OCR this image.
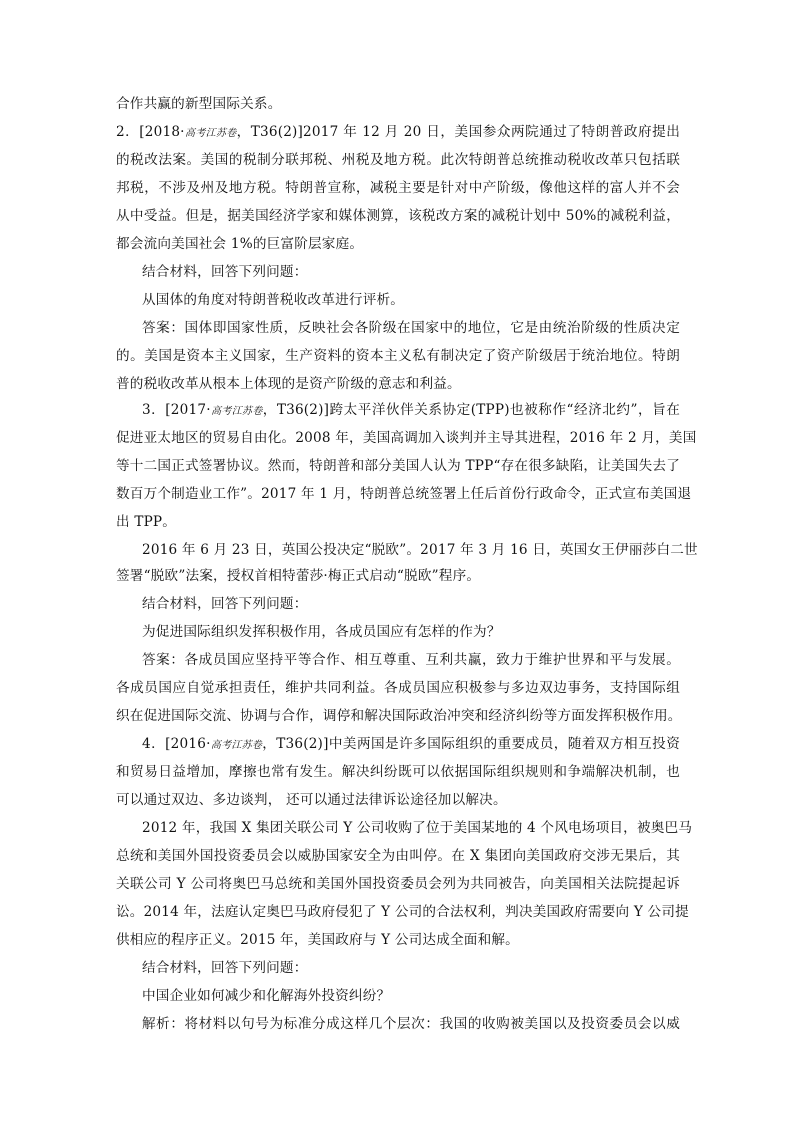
合作共赢的新型国际关系。
2．[2018·高考江苏卷，T36(2)]2017 年 12 月 20 日，美国参众两院通过了特朗普政府提出
的税改法案。美国的税制分联邦税、州税及地方税。此次特朗普总统推动税收改革只包括联
邦税，不涉及州及地方税。特朗普宣称，减税主要是针对中产阶级，像他这样的富人并不会
从中受益。但是，据美国经济学家和媒体测算，该税改方案的减税计划中 50%的减税利益，
都会流向美国社会 1%的巨富阶层家庭。
结合材料，回答下列问题：
从国体的角度对特朗普税收改革进行评析。
答案：国体即国家性质，反映社会各阶级在国家中的地位，它是由统治阶级的性质决定
的。美国是资本主义国家，生产资料的资本主义私有制决定了资产阶级居于统治地位。特朗
普的税收改革从根本上体现的是资产阶级的意志和利益。
3．[2017·高考江苏卷，T36(2)]跨太平洋伙伴关系协定(TPP)也被称作“经济北约”，旨在
促进亚太地区的贸易自由化。2008 年，美国高调加入谈判并主导其进程，2016 年 2 月，美国
等十二国正式签署协议。然而，特朗普和部分美国人认为 TPP“存在很多缺陷，让美国失去了
数百万个制造业工作”。2017 年 1 月，特朗普总统签署上任后首份行政命令，正式宣布美国退
出 TPP。
2016 年 6 月 23 日，英国公投决定“脱欧”。2017 年 3 月 16 日，英国女王伊丽莎白二世
签署“脱欧”法案，授权首相特蕾莎·梅正式启动“脱欧”程序。
结合材料，回答下列问题：
为促进国际组织发挥积极作用，各成员国应有怎样的作为？
答案：各成员国应坚持平等合作、相互尊重、互利共赢，致力于维护世界和平与发展。
各成员国应自觉承担责任，维护共同利益。各成员国应积极参与多边双边事务，支持国际组
织在促进国际交流、协调与合作，调停和解决国际政治冲突和经济纠纷等方面发挥积极作用。
4．[2016·高考江苏卷，T36(2)]中美两国是许多国际组织的重要成员，随着双方相互投资
和贸易日益增加，摩擦也常有发生。解决纠纷既可以依据国际组织规则和争端解决机制，也
可以通过双边、多边谈判， 还可以通过法律诉讼途径加以解决。
2012 年，我国 X 集团关联公司 Y 公司收购了位于美国某地的 4 个风电场项目，被奥巴马
总统和美国外国投资委员会以威胁国家安全为由叫停。在 X 集团向美国政府交涉无果后，其
关联公司 Y 公司将奥巴马总统和美国外国投资委员会列为共同被告，向美国相关法院提起诉
讼。2014 年，法庭认定奥巴马政府侵犯了 Y 公司的合法权利，判决美国政府需要向 Y 公司提
供相应的程序正义。2015 年，美国政府与 Y 公司达成全面和解。
结合材料，回答下列问题：
中国企业如何减少和化解海外投资纠纷？
解析：将材料以句号为标准分成这样几个层次：我国的收购被美国以及投资委员会以威
